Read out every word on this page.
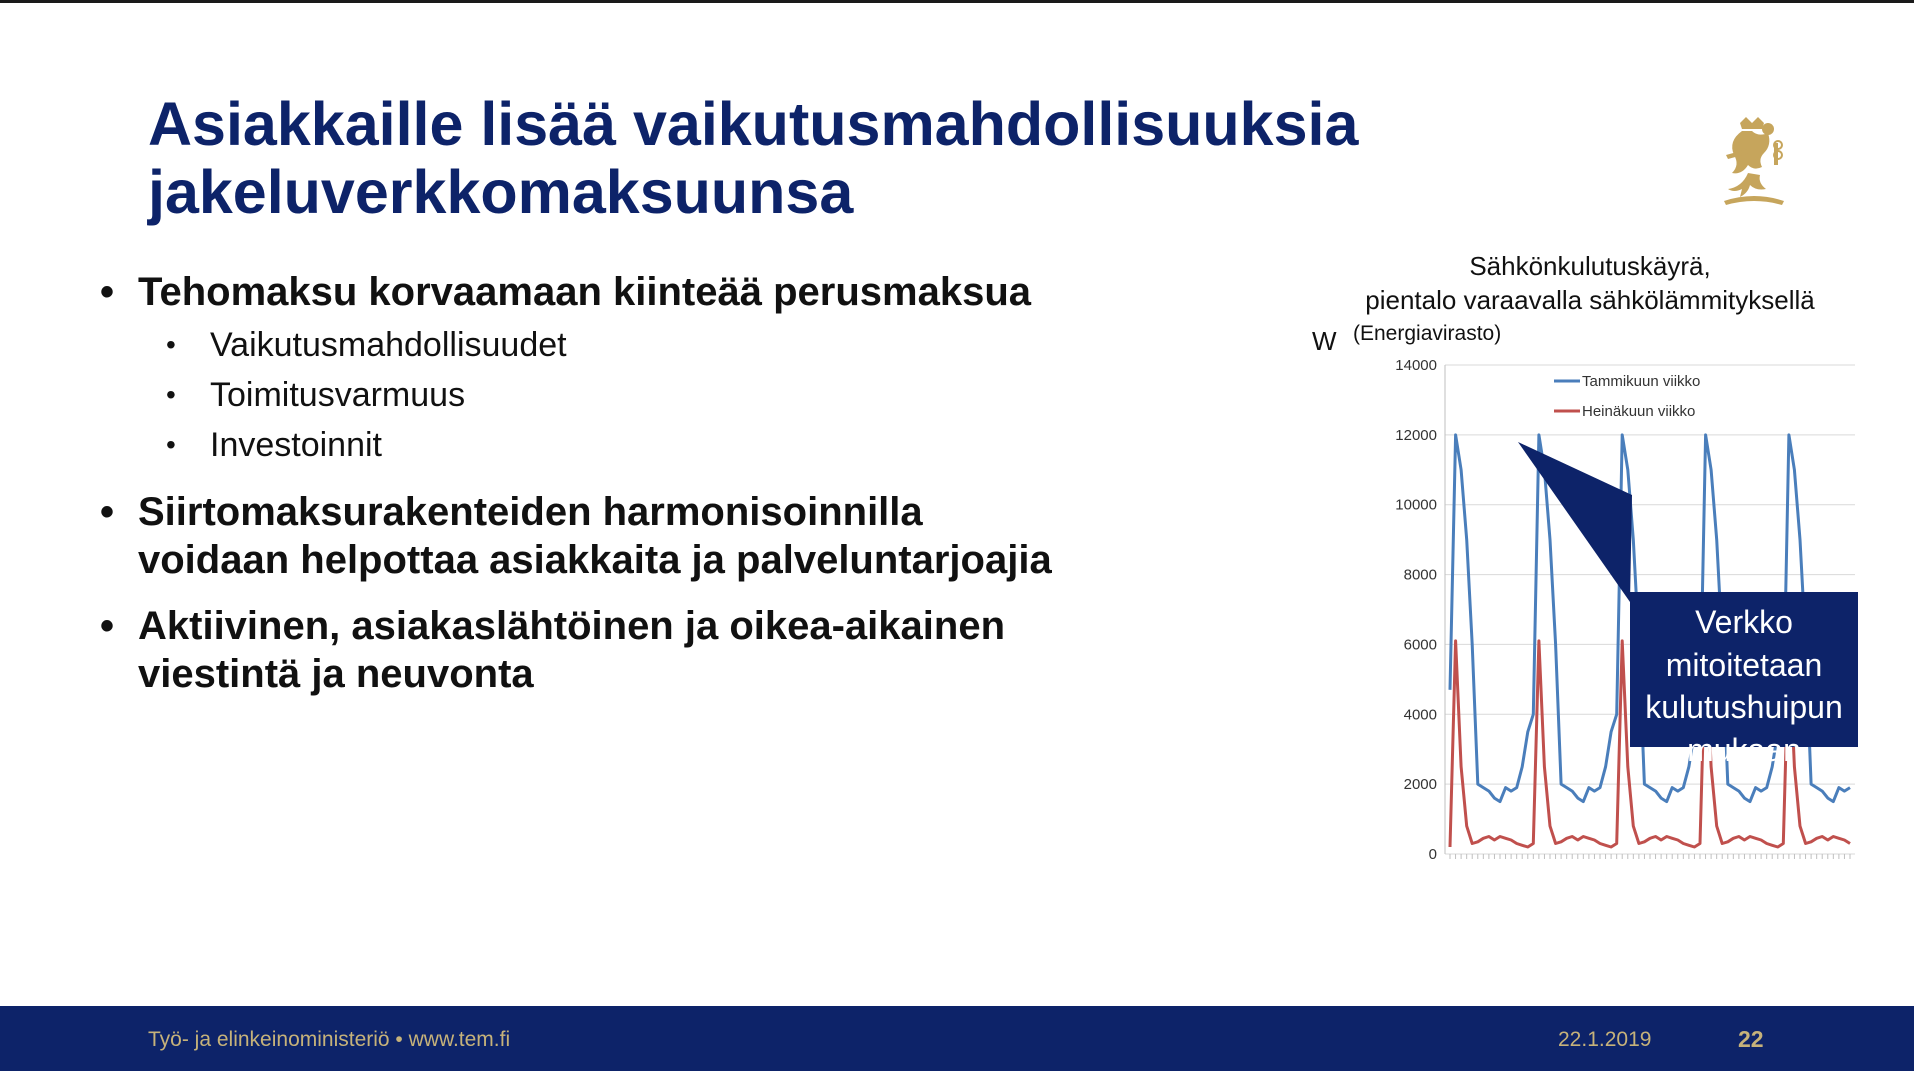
Asiakkaille lisää vaikutusmahdollisuuksia
jakeluverkkomaksuunsa
• Tehomaksu korvaamaan kiinteää perusmaksua
• Vaikutusmahdollisuudet
• Toimitusvarmuus
• Investoinnit
• Siirtomaksurakenteiden harmonisoinnilla
voidaan helpottaa asiakkaita ja palveluntarjoajia
• Aktiivinen, asiakaslähtöinen ja oikea-aikainen
viestintä ja neuvonta
Sähkönkulutuskäyrä,
pientalo varaavalla sähkölämmityksellä
(Energiavirasto)
W
0
2000
4000
6000
8000
10000
12000
14000
Tammikuun viikko
Heinäkuun viikko
Verkko
mitoitetaan
kulutushuipun
mukaan
Työ- ja elinkeinoministeriö • www.tem.fi	22.1.2019	22
